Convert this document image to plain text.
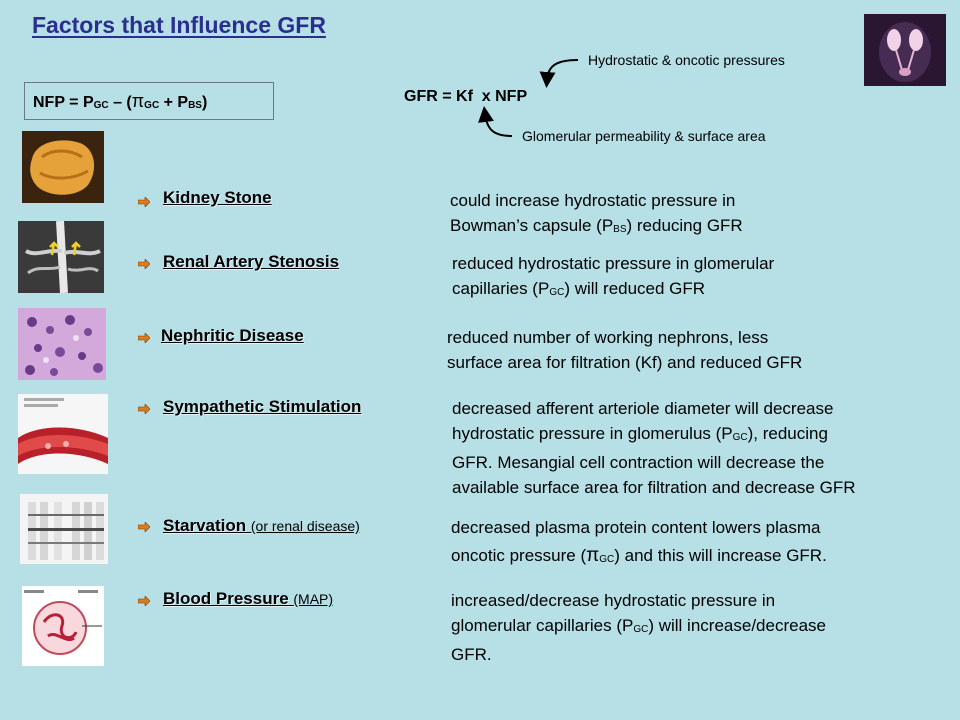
Factors that Influence GFR
NFP = $P_{GC} - (\pi_{GC} + P_{BS})$	GFR = Kf  x NFP
Hydrostatic & oncotic pressures
Glomerular permeability & surface area
Kidney Stone	could increase hydrostatic pressure in
Bowman’s capsule $(P_{BS})$ reducing GFR
Renal Artery Stenosis	reduced hydrostatic pressure in glomerular
capillaries $(P_{GC})$ will reduced GFR
Nephritic Disease	reduced number of working nephrons, less
surface area for filtration (Kf) and reduced GFR
Sympathetic Stimulation	decreased afferent arteriole diameter will decrease
hydrostatic pressure in glomerulus $(P_{GC})$, reducing
GFR. Mesangial cell contraction will decrease the
available surface area for filtration and decrease GFR
Starvation (or renal disease)	decreased plasma protein content lowers plasma
oncotic pressure $(\pi_{GC})$ and this will increase GFR.
Blood Pressure (MAP)	increased/decrease hydrostatic pressure in
glomerular capillaries $(P_{GC})$ will increase/decrease
GFR.
